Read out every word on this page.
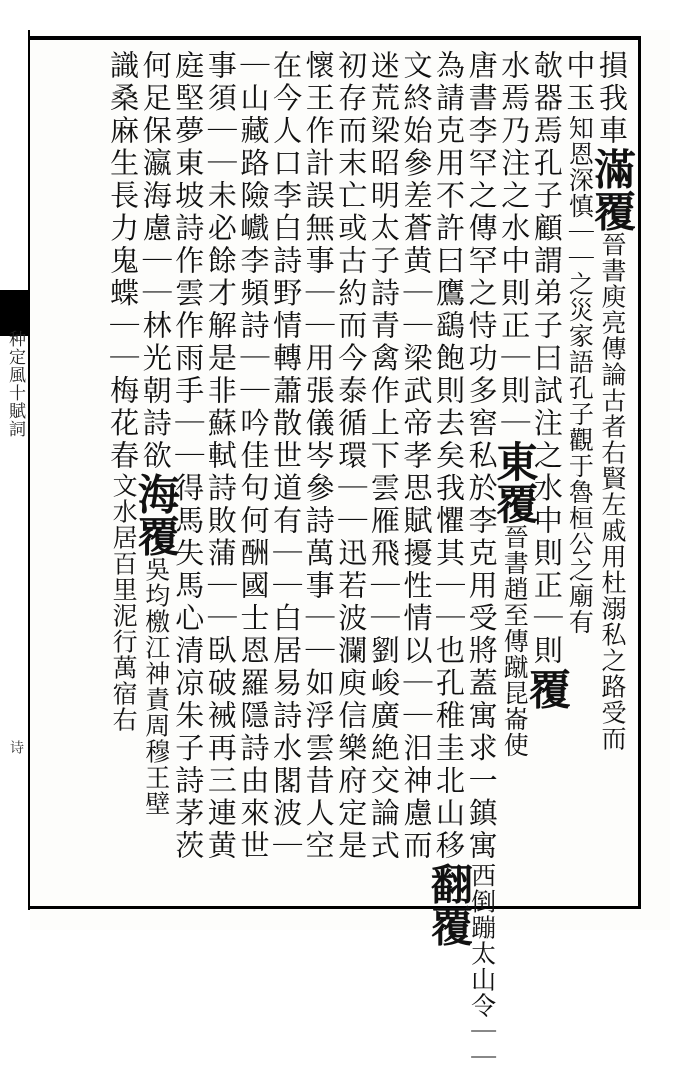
种定風十賦詞
诗
損我車滿覆晉書庾亮傳論古者右賢左戚用杜溺私之路受而
中玉知恩深慎｜｜之災家語孔子觀于魯桓公之廟有
欹器焉孔子顧謂弟子曰試注之水中則正｜則覆
水焉乃注之水中則正｜則｜東覆晉書趙至傳蹴昆崙使
唐書李罕之傳罕之恃功多窖私於李克用受將蓋寓求一鎮寓西倒蹦太山令｜｜
為請克用不許曰鷹鷂飽則去矣我懼其｜｜也孔稚圭北山移翻覆
文終始參差蒼黄｜｜梁武帝孝思賦擾性情以｜｜汨神慮而
迷荒梁昭明太子詩青禽作上下雲雁飛｜｜劉峻廣絶交論式
初存而末亡或古約而今泰循環｜｜迅若波瀾庾信樂府定是
懷王作計誤無事｜｜用張儀岑參詩萬事｜｜如浮雲昔人空
在今人口李白詩野情轉蕭散世道有｜｜白居易詩水閣波｜
｜山藏路險巇李頻詩｜｜吟佳句何酬國士恩羅隱詩由來世
事須｜｜未必餘才解是非蘇軾詩敗蒲｜｜臥破裓再三連黄
庭堅夢東坡詩作雲作雨手｜｜得馬失馬心清凉朱子詩茅茨
何足保瀛海慮｜｜林光朝詩欲海覆吳均檄江神責周穆王壁
識桑麻生長力鬼蝶｜｜梅花春文水居百里泥行萬宿右
